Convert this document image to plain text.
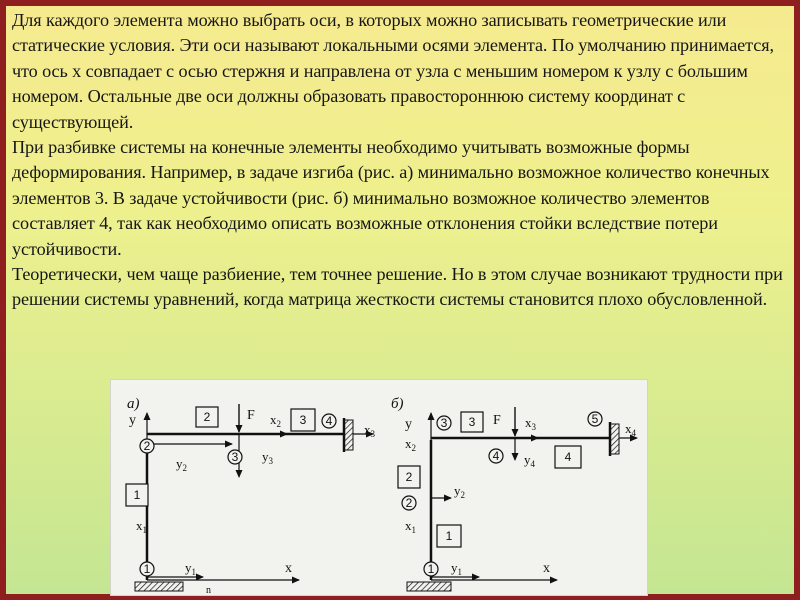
Для каждого элемента можно выбрать оси, в которых можно записывать геометрические или статические условия. Эти оси называют локальными осями элемента. По умолчанию принимается, что ось x совпадает с осью стержня и направлена от узла с меньшим номером к узлу с большим номером. Остальные две оси должны образовать правостороннюю систему координат с существующей.

При разбивке системы на конечные элементы необходимо учитывать возможные формы деформирования. Например, в задаче изгиба (рис. а) минимально возможное количество конечных элементов 3. В задаче устойчивости (рис. б) минимально возможное количество элементов составляет 4, так как необходимо описать возможные отклонения стойки вследствие потери устойчивости.

Теоретически, чем чаще разбиение, тем точнее решение. Но в этом случае возникают трудности при решении системы уравнений, когда матрица жесткости системы становится плохо обусловленной.

а)
n
y
x
$y_1$
$x_1$
$y_2$
$x_2$	$x_3$
$y_3$
F
1
2
3
4
1
2	3
б)
y
x
$y_1$
$x_1$
$x_2$
$y_2$
$x_3$
$y_4$
$x_4$
F
1
2
3
4
5
1
2
3
4
